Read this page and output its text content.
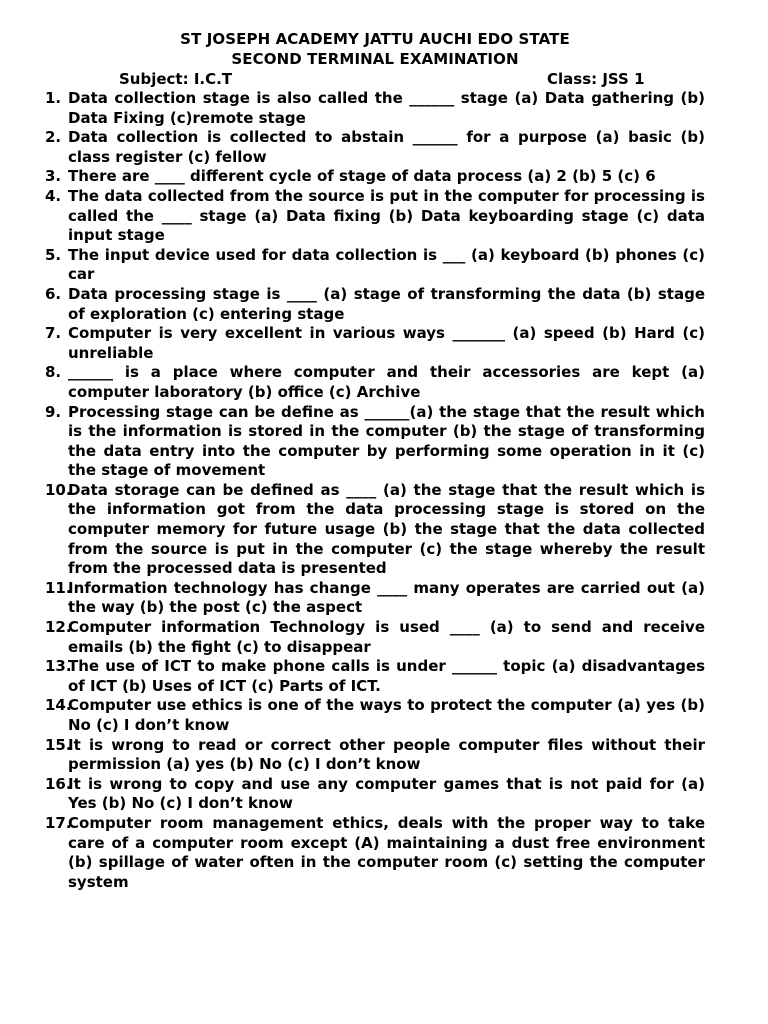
ST JOSEPH ACADEMY JATTU AUCHI EDO STATE
SECOND TERMINAL EXAMINATION
Subject: I.C.T	Class: JSS 1
1. Data collection stage is also called the ______ stage (a) Data gathering (b) Data Fixing (c)remote stage
2. Data collection is collected to abstain ______ for a purpose (a) basic (b) class register (c) fellow
3. There are ____ different cycle of stage of data process (a) 2 (b) 5 (c) 6
4. The data collected from the source is put in the computer for processing is called the ____ stage (a) Data fixing (b) Data keyboarding stage (c) data input stage
5. The input device used for data collection is ___ (a) keyboard (b) phones (c) car
6. Data processing stage is ____ (a) stage of transforming the data (b) stage of exploration (c) entering stage
7. Computer is very excellent in various ways _______ (a) speed (b) Hard (c) unreliable
8. ______ is a place where computer and their accessories are kept (a) computer laboratory (b) office (c) Archive
9. Processing stage can be define as ______(a) the stage that the result which is the information is stored in the computer (b) the stage of transforming the data entry into the computer by performing some operation in it (c) the stage of movement
10.
Data storage can be defined as ____ (a) the stage that the result which is the information got from the data processing stage is stored on the computer memory for future usage (b) the stage that the data collected from the source is put in the computer (c) the stage whereby the result from the processed data is presented
11.
Information technology has change ____ many operates are carried out (a) the way (b) the post (c) the aspect
12.
Computer information Technology is used ____ (a) to send and receive emails (b) the fight (c) to disappear
13.
The use of ICT to make phone calls is under ______ topic (a) disadvantages of ICT (b) Uses of ICT (c) Parts of ICT.
14.
Computer use ethics is one of the ways to protect the computer (a) yes (b) No (c) I don’t know
15.
It is wrong to read or correct other people computer files without their permission (a) yes (b) No (c) I don’t know
16.
It is wrong to copy and use any computer games that is not paid for (a) Yes (b) No (c) I don’t know
17.
Computer room management ethics, deals with the proper way to take care of a computer room except (A) maintaining a dust free environment (b) spillage of water often in the computer room (c) setting the computer system
